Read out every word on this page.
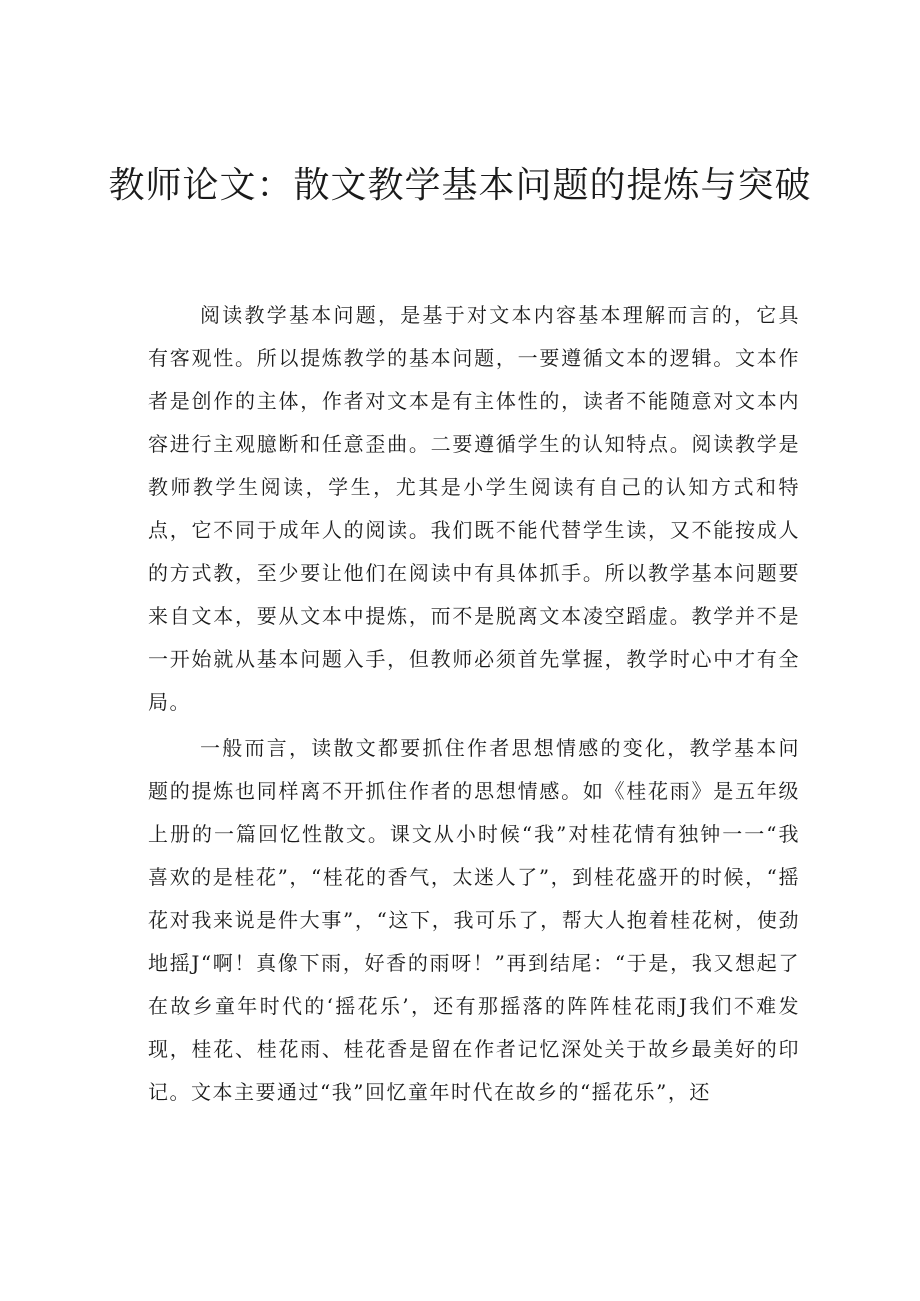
教师论文：散文教学基本问题的提炼与突破

阅读教学基本问题，是基于对文本内容基本理解而言的，它具有客观性。所以提炼教学的基本问题，一要遵循文本的逻辑。文本作者是创作的主体，作者对文本是有主体性的，读者不能随意对文本内容进行主观臆断和任意歪曲。二要遵循学生的认知特点。阅读教学是教师教学生阅读，学生，尤其是小学生阅读有自己的认知方式和特点，它不同于成年人的阅读。我们既不能代替学生读，又不能按成人的方式教，至少要让他们在阅读中有具体抓手。所以教学基本问题要来自文本，要从文本中提炼，而不是脱离文本凌空蹈虚。教学并不是一开始就从基本问题入手，但教师必须首先掌握，教学时心中才有全局。

一般而言，读散文都要抓住作者思想情感的变化，教学基本问题的提炼也同样离不开抓住作者的思想情感。如《桂花雨》是五年级上册的一篇回忆性散文。课文从小时候“我”对桂花情有独钟一一“我喜欢的是桂花”，“桂花的香气，太迷人了”，到桂花盛开的时候，“摇花对我来说是件大事”，“这下，我可乐了，帮大人抱着桂花树，使劲地摇J“啊！真像下雨，好香的雨呀！”再到结尾：“于是，我又想起了在故乡童年时代的‘摇花乐’，还有那摇落的阵阵桂花雨J我们不难发现，桂花、桂花雨、桂花香是留在作者记忆深处关于故乡最美好的印记。文本主要通过“我”回忆童年时代在故乡的“摇花乐”，还
